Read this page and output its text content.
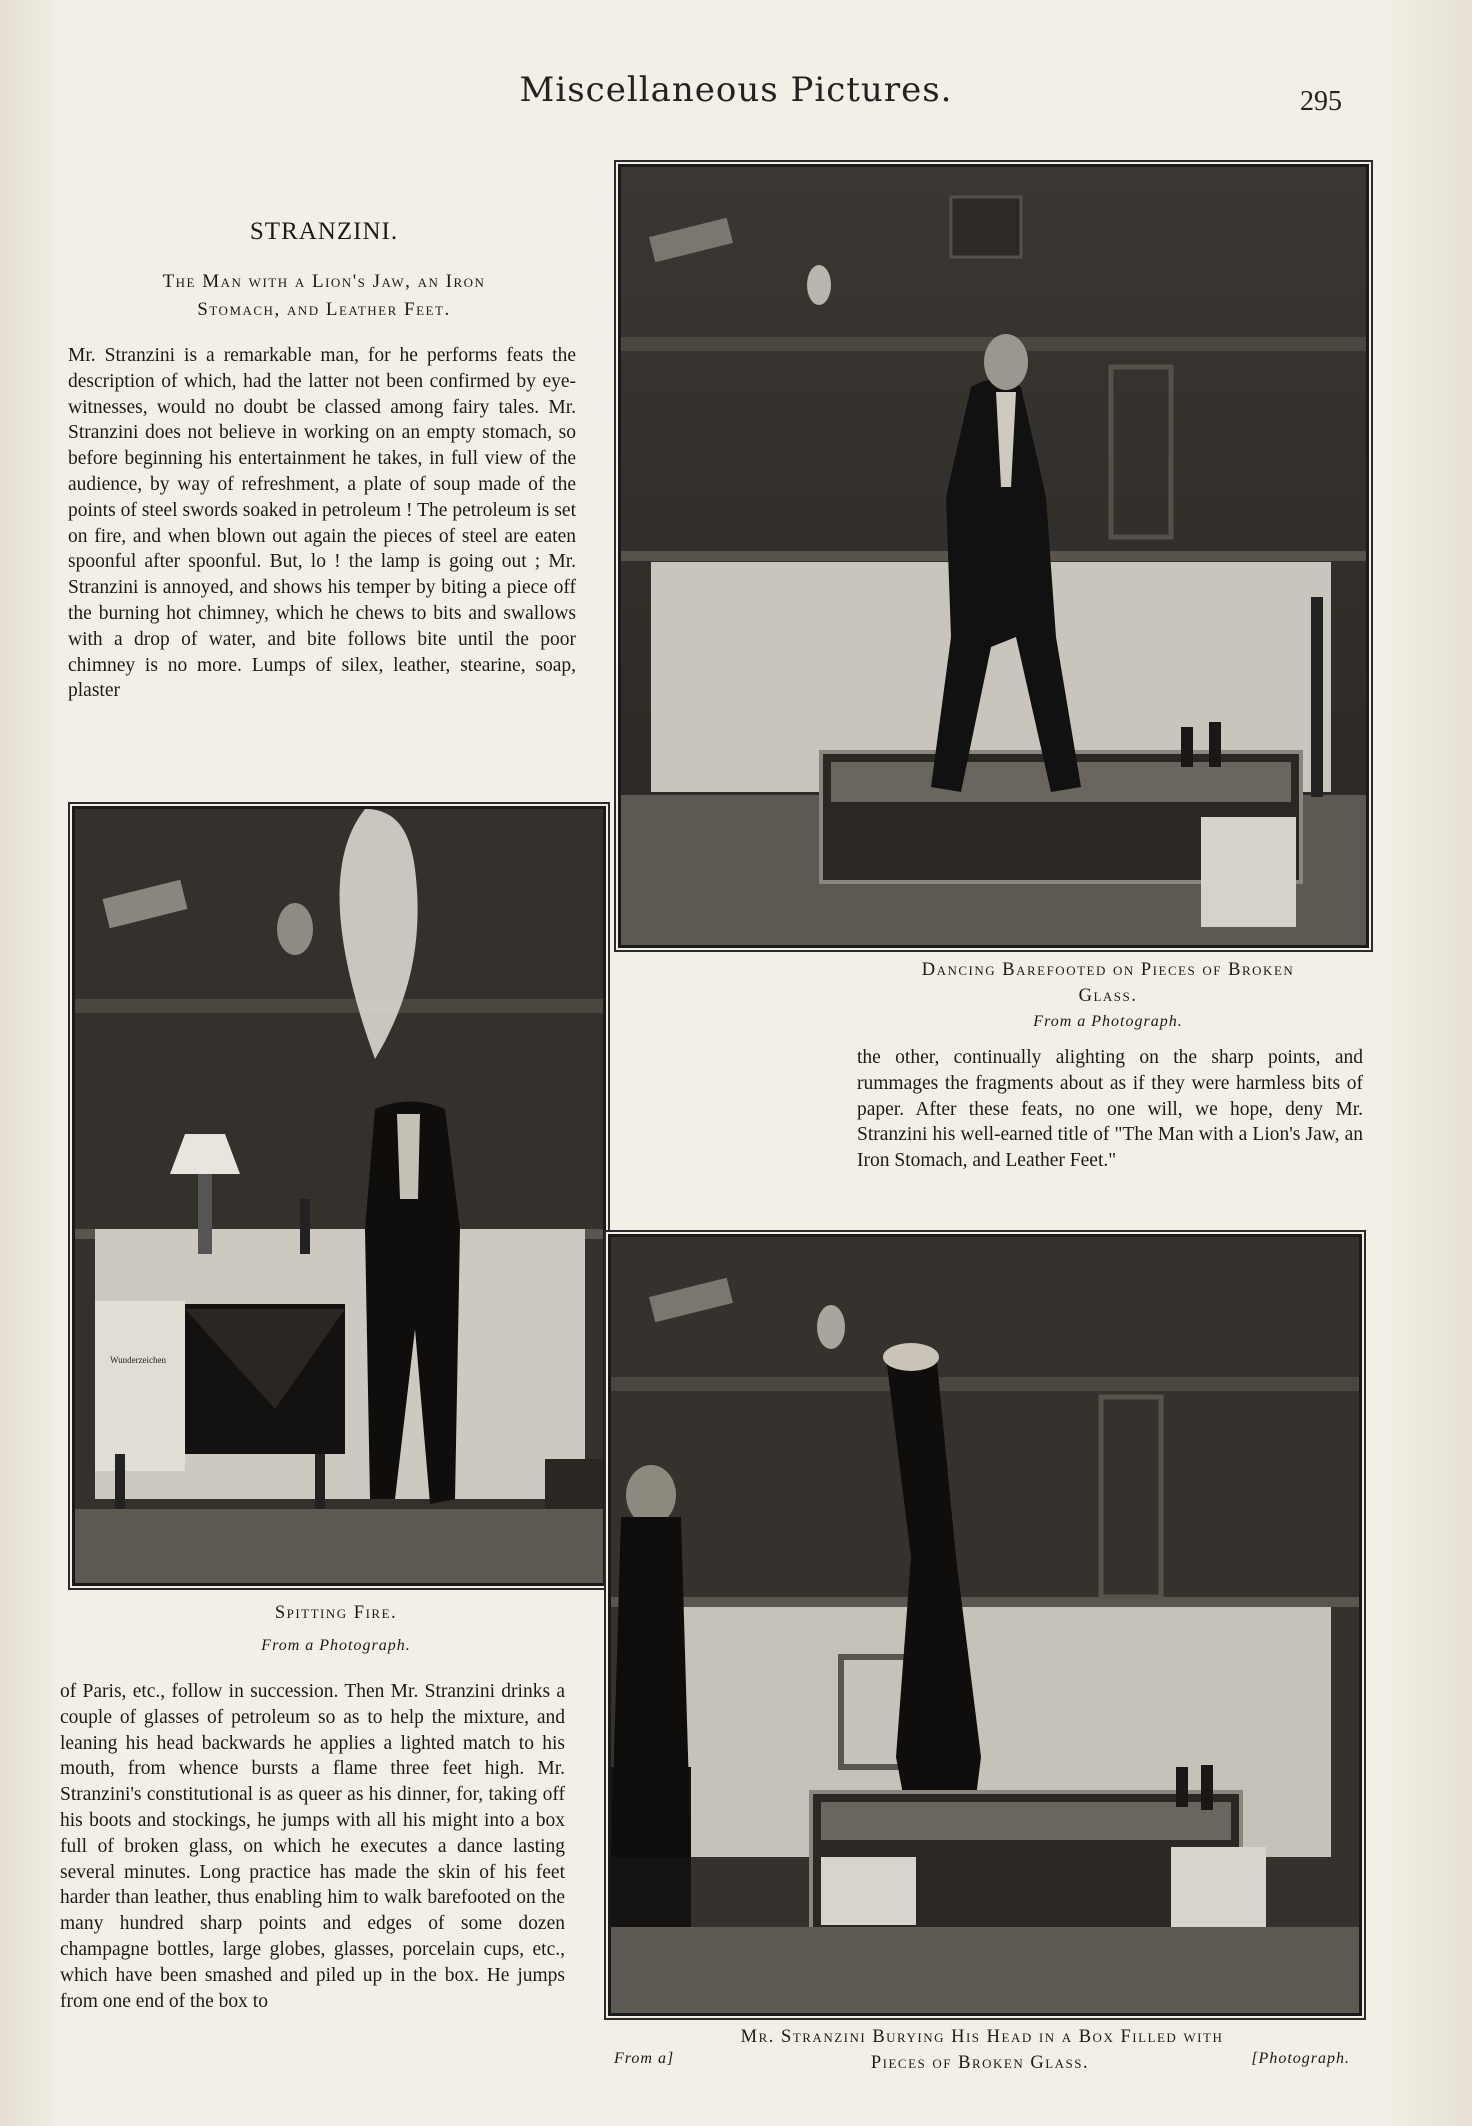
Miscellaneous Pictures.	295
STRANZINI.
The Man with a Lion's Jaw, an Iron
Stomach, and Leather Feet.
Mr. Stranzini is a remarkable man, for he performs feats the description of which, had the latter not been confirmed by eye-witnesses, would no doubt be classed among fairy tales. Mr. Stranzini does not believe in working on an empty stomach, so before beginning his entertainment he takes, in full view of the audience, by way of refreshment, a plate of soup made of the points of steel swords soaked in petroleum ! The petroleum is set on fire, and when blown out again the pieces of steel are eaten spoonful after spoonful. But, lo ! the lamp is going out ; Mr. Stranzini is annoyed, and shows his temper by biting a piece off the burning hot chimney, which he chews to bits and swallows with a drop of water, and bite follows bite until the poor chimney is no more. Lumps of silex, leather, stearine, soap, plaster
Dancing Barefooted on Pieces of Broken
Glass.
From a Photograph.
the other, continually alighting on the sharp points, and rummages the fragments about as if they were harmless bits of paper. After these feats, no one will, we hope, deny Mr. Stranzini his well-earned title of "The Man with a Lion's Jaw, an Iron Stomach, and Leather Feet."
Wunderzeichen
Spitting Fire.
From a Photograph.
of Paris, etc., follow in succession. Then Mr. Stranzini drinks a couple of glasses of petroleum so as to help the mixture, and leaning his head backwards he applies a lighted match to his mouth, from whence bursts a flame three feet high. Mr. Stranzini's constitutional is as queer as his dinner, for, taking off his boots and stockings, he jumps with all his might into a box full of broken glass, on which he executes a dance lasting several minutes. Long practice has made the skin of his feet harder than leather, thus enabling him to walk barefooted on the many hundred sharp points and edges of some dozen champagne bottles, large globes, glasses, porcelain cups, etc., which have been smashed and piled up in the box. He jumps from one end of the box to
Mr. Stranzini Burying His Head in a Box Filled with
From a]	Pieces of Broken Glass.	[Photograph.
